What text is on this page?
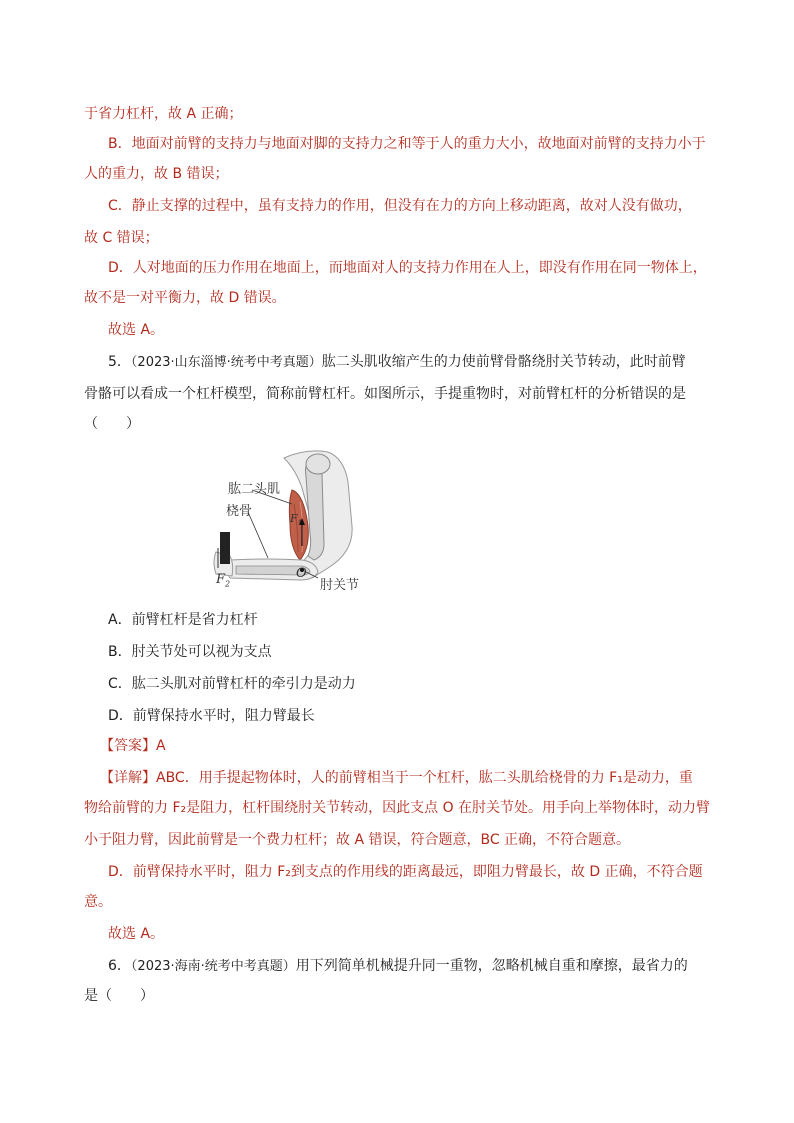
于省力杠杆，故 A 正确；
B．地面对前臂的支持力与地面对脚的支持力之和等于人的重力大小，故地面对前臂的支持力小于
人的重力，故 B 错误；
C．静止支撑的过程中，虽有支持力的作用，但没有在力的方向上移动距离，故对人没有做功，
故 C 错误；
D．人对地面的压力作用在地面上，而地面对人的支持力作用在人上，即没有作用在同一物体上，
故不是一对平衡力，故 D 错误。
故选 A。
5．（2023·山东淄博·统考中考真题）肱二头肌收缩产生的力使前臂骨骼绕肘关节转动，此时前臂
骨骼可以看成一个杠杆模型，简称前臂杠杆。如图所示，手提重物时，对前臂杠杆的分析错误的是
（　　）
肱二头肌
桡骨	$F_1$
$F_2$
O
肘关节
A．前臂杠杆是省力杠杆
B．肘关节处可以视为支点
C．肱二头肌对前臂杠杆的牵引力是动力
D．前臂保持水平时，阻力臂最长
【答案】A
【详解】ABC．用手提起物体时，人的前臂相当于一个杠杆，肱二头肌给桡骨的力 F₁是动力，重
物给前臂的力 F₂是阻力，杠杆围绕肘关节转动，因此支点 O 在肘关节处。用手向上举物体时，动力臂
小于阻力臂，因此前臂是一个费力杠杆；故 A 错误，符合题意，BC 正确，不符合题意。
D．前臂保持水平时，阻力 F₂到支点的作用线的距离最远，即阻力臂最长，故 D 正确，不符合题
意。
故选 A。
6．（2023·海南·统考中考真题）用下列简单机械提升同一重物，忽略机械自重和摩擦，最省力的
是（　　）
